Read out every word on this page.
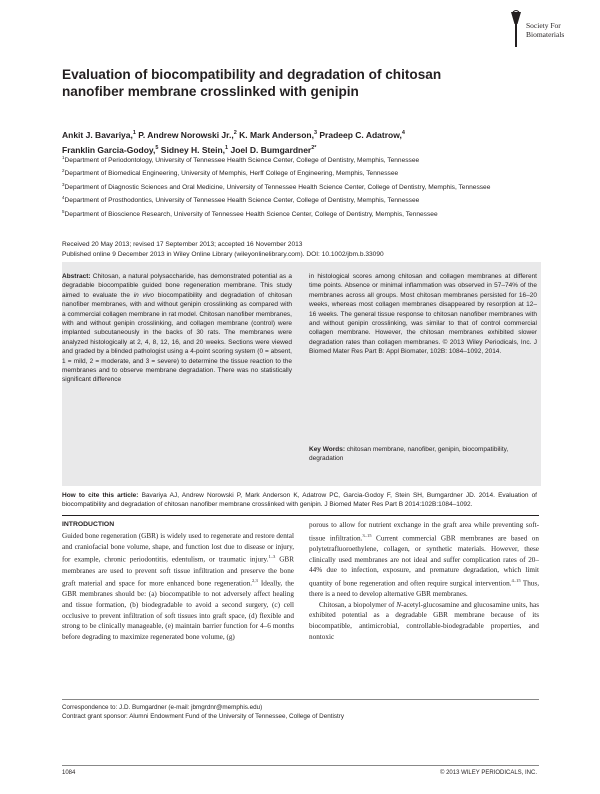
Society For
Biomaterials
Evaluation of biocompatibility and degradation of chitosan nanofiber membrane crosslinked with genipin
Ankit J. Bavariya,$^1$ P. Andrew Norowski Jr.,$^2$ K. Mark Anderson,$^3$ Pradeep C. Adatrow,$^4$
Franklin Garcia-Godoy,$^5$ Sidney H. Stein,$^1$ Joel D. Bumgardner$^{2*}$
$^1$Department of Periodontology, University of Tennessee Health Science Center, College of Dentistry, Memphis, Tennessee
$^2$Department of Biomedical Engineering, University of Memphis, Herff College of Engineering, Memphis, Tennessee
$^3$Department of Diagnostic Sciences and Oral Medicine, University of Tennessee Health Science Center, College of Dentistry, Memphis, Tennessee
$^4$Department of Prosthodontics, University of Tennessee Health Science Center, College of Dentistry, Memphis, Tennessee
$^5$Department of Bioscience Research, University of Tennessee Health Science Center, College of Dentistry, Memphis, Tennessee
Received 20 May 2013; revised 17 September 2013; accepted 16 November 2013
Published online 9 December 2013 in Wiley Online Library (wileyonlinelibrary.com). DOI: 10.1002/jbm.b.33090
Abstract: Chitosan, a natural polysaccharide, has demonstrated potential as a degradable biocompatible guided bone regeneration membrane. This study aimed to evaluate the in vivo biocompatibility and degradation of chitosan nanofiber membranes, with and without genipin crosslinking as compared with a commercial collagen membrane in rat model. Chitosan nanofiber membranes, with and without genipin crosslinking, and collagen membrane (control) were implanted subcutaneously in the backs of 30 rats. The membranes were analyzed histologically at 2, 4, 8, 12, 16, and 20 weeks. Sections were viewed and graded by a blinded pathologist using a 4-point scoring system (0 = absent, 1 = mild, 2 = moderate, and 3 = severe) to determine the tissue reaction to the membranes and to observe membrane degradation. There was no statistically significant difference
in histological scores among chitosan and collagen membranes at different time points. Absence or minimal inflammation was observed in 57–74% of the membranes across all groups. Most chitosan membranes persisted for 16–20 weeks, whereas most collagen membranes disappeared by resorption at 12–16 weeks. The general tissue response to chitosan nanofiber membranes with and without genipin crosslinking, was similar to that of control commercial collagen membrane. However, the chitosan membranes exhibited slower degradation rates than collagen membranes. © 2013 Wiley Periodicals, Inc. J Biomed Mater Res Part B: Appl Biomater, 102B: 1084–1092, 2014.
Key Words: chitosan membrane, nanofiber, genipin, biocompatibility, degradation
How to cite this article: Bavariya AJ, Andrew Norowski P, Mark Anderson K, Adatrow PC, Garcia-Godoy F, Stein SH, Bumgardner JD. 2014. Evaluation of biocompatibility and degradation of chitosan nanofiber membrane crosslinked with genipin. J Biomed Mater Res Part B 2014:102B:1084–1092.
INTRODUCTION
Guided bone regeneration (GBR) is widely used to regenerate and restore dental and craniofacial bone volume, shape, and function lost due to disease or injury, for example, chronic periodontitis, edentulism, or traumatic injury.$^{1-3}$ GBR membranes are used to prevent soft tissue infiltration and preserve the bone graft material and space for more enhanced bone regeneration.$^{2,3}$ Ideally, the GBR membranes should be: (a) biocompatible to not adversely affect healing and tissue formation, (b) biodegradable to avoid a second surgery, (c) cell occlusive to prevent infiltration of soft tissues into graft space, (d) flexible and strong to be clinically manageable, (e) maintain barrier function for 4–6 months before degrading to maximize regenerated bone volume, (g)
porous to allow for nutrient exchange in the graft area while preventing soft-tissue infiltration.$^{3-15}$ Current commercial GBR membranes are based on polytetrafluoroethylene, collagen, or synthetic materials. However, these clinically used membranes are not ideal and suffer complication rates of 20–44% due to infection, exposure, and premature degradation, which limit quantity of bone regeneration and often require surgical intervention.$^{4-15}$ Thus, there is a need to develop alternative GBR membranes.
Chitosan, a biopolymer of N-acetyl-glucosamine and glucosamine units, has exhibited potential as a degradable GBR membrane because of its biocompatible, antimicrobial, controllable-biodegradable properties, and nontoxic
Correspondence to: J.D. Bumgardner (e-mail: jbmgrdnr@memphis.edu)
Contract grant sponsor: Alumni Endowment Fund of the University of Tennessee, College of Dentistry
1084	© 2013 WILEY PERIODICALS, INC.
